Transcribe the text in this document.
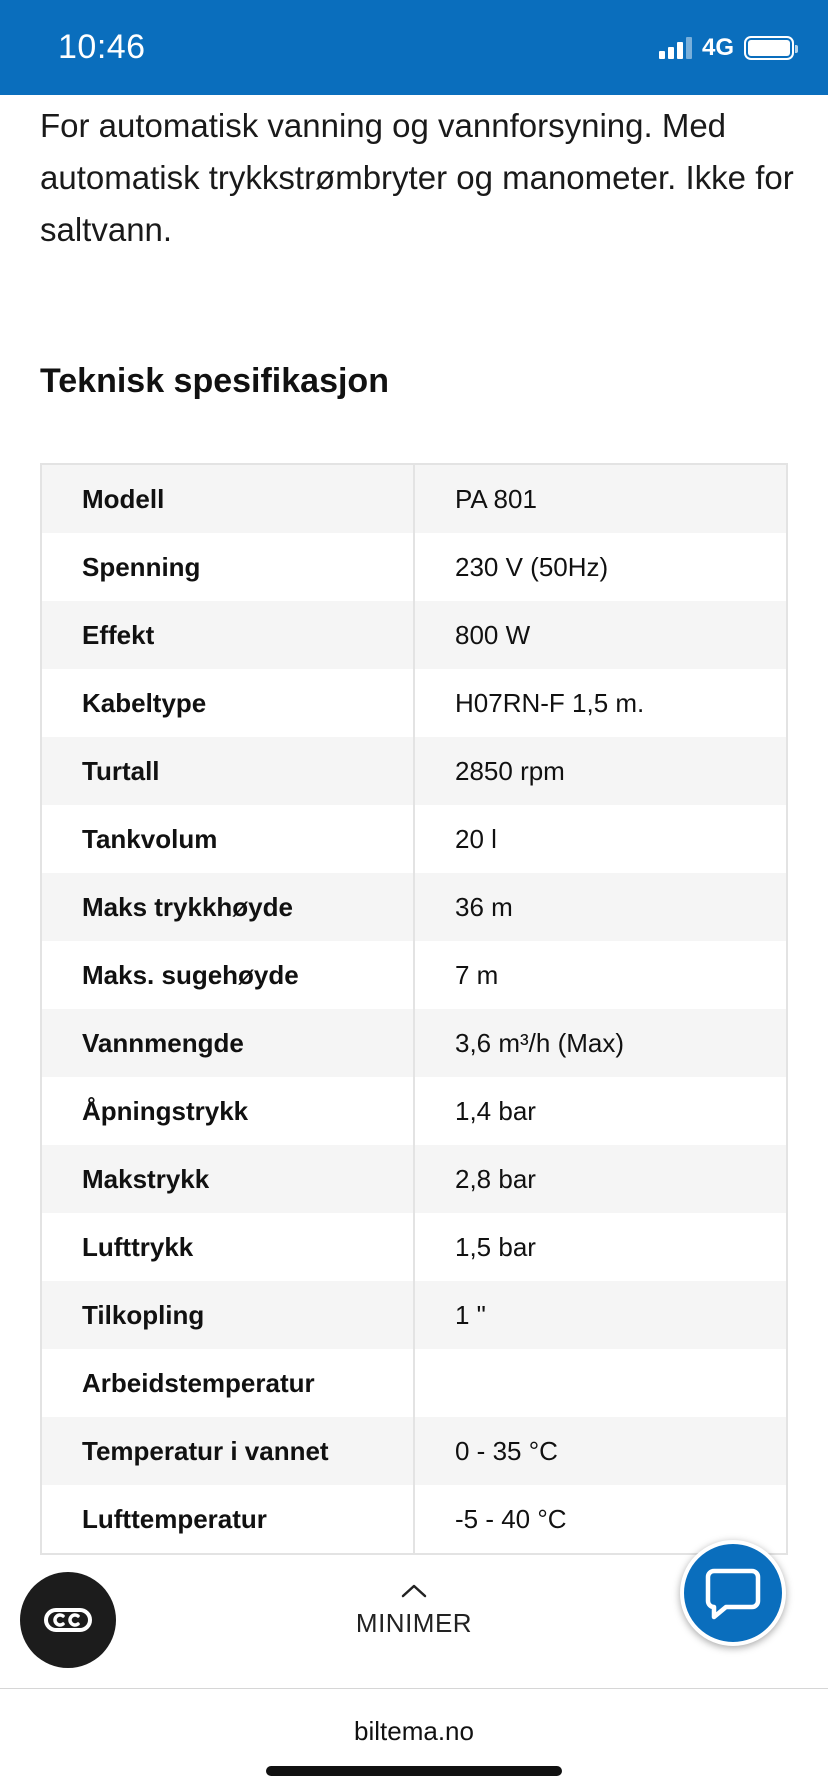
10:46	4G

For automatisk vanning og vannforsyning. Med automatisk trykkstrømbryter og manometer. Ikke for saltvann.

Teknisk spesifikasjon
Modell	PA 801
Spenning	230 V (50Hz)
Effekt	800 W
Kabeltype	H07RN-F 1,5 m.
Turtall	2850 rpm
Tankvolum	20 l
Maks trykkhøyde	36 m
Maks. sugehøyde	7 m
Vannmengde	3,6 m³/h (Max)
Åpningstrykk	1,4 bar
Makstrykk	2,8 bar
Lufttrykk	1,5 bar
Tilkopling	1 "
Arbeidstemperatur
Temperatur i vannet	0 - 35 °C
Lufttemperatur	-5 - 40 °C
MINIMER
biltema.no
